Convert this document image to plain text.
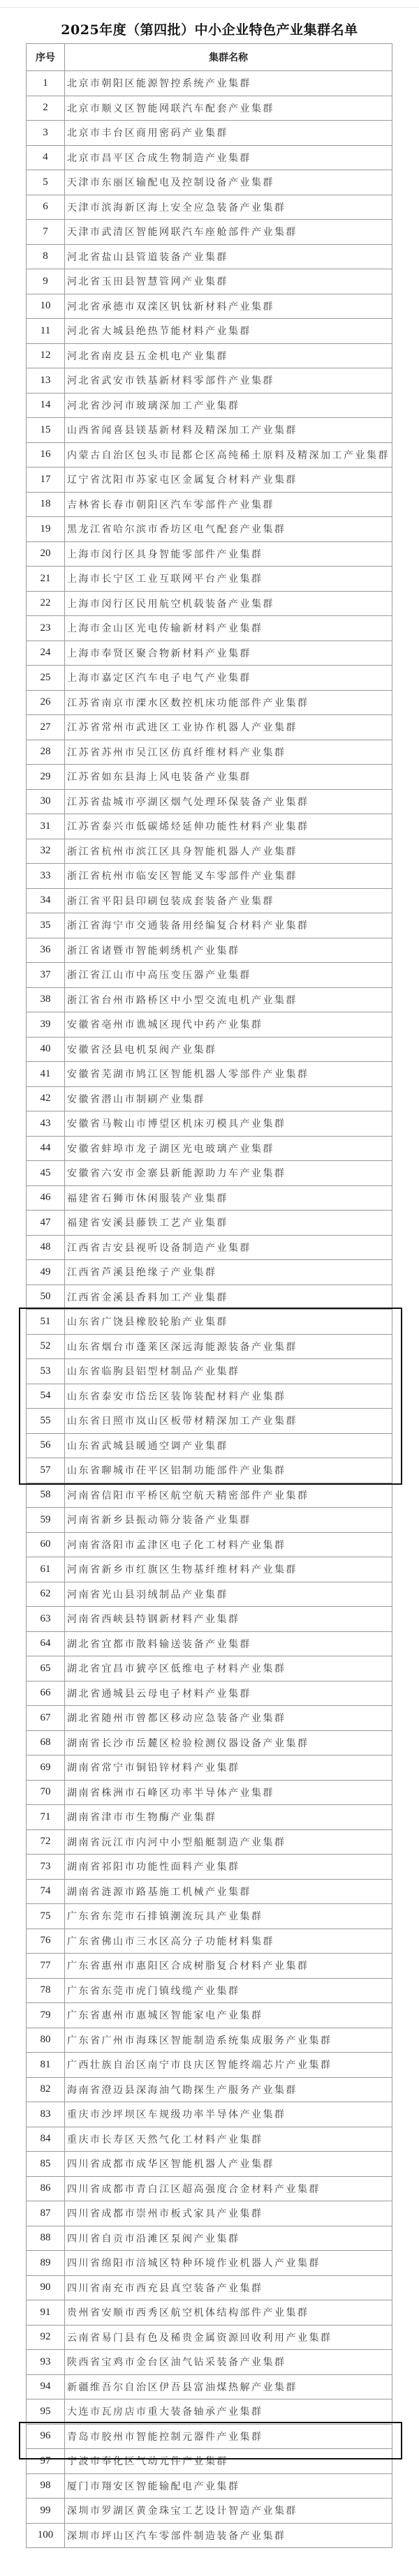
2025年度（第四批）中小企业特色产业集群名单
序号	集群名称
1	北京市朝阳区能源智控系统产业集群
2	北京市顺义区智能网联汽车配套产业集群
3	北京市丰台区商用密码产业集群
4	北京市昌平区合成生物制造产业集群
5	天津市东丽区输配电及控制设备产业集群
6	天津市滨海新区海上安全应急装备产业集群
7	天津市武清区智能网联汽车座舱部件产业集群
8	河北省盐山县管道装备产业集群
9	河北省玉田县智慧管网产业集群
10	河北省承德市双滦区钒钛新材料产业集群
11	河北省大城县绝热节能材料产业集群
12	河北省南皮县五金机电产业集群
13	河北省武安市铁基新材料零部件产业集群
14	河北省沙河市玻璃深加工产业集群
15	山西省闻喜县镁基新材料及精深加工产业集群
16	内蒙古自治区包头市昆都仑区高纯稀土原料及精深加工产业集群
17	辽宁省沈阳市苏家屯区金属复合材料产业集群
18	吉林省长春市朝阳区汽车零部件产业集群
19	黑龙江省哈尔滨市香坊区电气配套产业集群
20	上海市闵行区具身智能零部件产业集群
21	上海市长宁区工业互联网平台产业集群
22	上海市闵行区民用航空机载装备产业集群
23	上海市金山区光电传输新材料产业集群
24	上海市奉贤区聚合物新材料产业集群
25	上海市嘉定区汽车电子电气产业集群
26	江苏省南京市溧水区数控机床功能部件产业集群
27	江苏省常州市武进区工业协作机器人产业集群
28	江苏省苏州市吴江区仿真纤维材料产业集群
29	江苏省如东县海上风电装备产业集群
30	江苏省盐城市亭湖区烟气处理环保装备产业集群
31	江苏省泰兴市低碳烯烃延伸功能性材料产业集群
32	浙江省杭州市滨江区具身智能机器人产业集群
33	浙江省杭州市临安区智能叉车零部件产业集群
34	浙江省平阳县印刷包装成套装备产业集群
35	浙江省海宁市交通装备用经编复合材料产业集群
36	浙江省诸暨市智能刺绣机产业集群
37	浙江省江山市中高压变压器产业集群
38	浙江省台州市路桥区中小型交流电机产业集群
39	安徽省亳州市谯城区现代中药产业集群
40	安徽省泾县电机泵阀产业集群
41	安徽省芜湖市鸠江区智能机器人零部件产业集群
42	安徽省潜山市制刷产业集群
43	安徽省马鞍山市博望区机床刃模具产业集群
44	安徽省蚌埠市龙子湖区光电玻璃产业集群
45	安徽省六安市金寨县新能源助力车产业集群
46	福建省石狮市休闲服装产业集群
47	福建省安溪县藤铁工艺产业集群
48	江西省吉安县视听设备制造产业集群
49	江西省芦溪县绝缘子产业集群
50	江西省金溪县香料加工产业集群
51	山东省广饶县橡胶轮胎产业集群
52	山东省烟台市蓬莱区深远海能源装备产业集群
53	山东省临朐县铝型材制品产业集群
54	山东省泰安市岱岳区装饰装配材料产业集群
55	山东省日照市岚山区板带材精深加工产业集群
56	山东省武城县暖通空调产业集群
57	山东省聊城市茌平区铝制功能部件产业集群
58	河南省信阳市平桥区航空航天精密部件产业集群
59	河南省新乡县振动筛分装备产业集群
60	河南省洛阳市孟津区电子化工材料产业集群
61	河南省新乡市红旗区生物基纤维材料产业集群
62	河南省光山县羽绒制品产业集群
63	河南省西峡县特钢新材料产业集群
64	湖北省宜都市散料输送装备产业集群
65	湖北省宜昌市猇亭区低维电子材料产业集群
66	湖北省通城县云母电子材料产业集群
67	湖北省随州市曾都区移动应急装备产业集群
68	湖南省长沙市岳麓区检验检测仪器设备产业集群
69	湖南省常宁市铜铅锌材料产业集群
70	湖南省株洲市石峰区功率半导体产业集群
71	湖南省津市市生物酶产业集群
72	湖南省沅江市内河中小型船艇制造产业集群
73	湖南省祁阳市功能性面料产业集群
74	湖南省涟源市路基施工机械产业集群
75	广东省东莞市石排镇潮流玩具产业集群
76	广东省佛山市三水区高分子功能材料集群
77	广东省惠州市惠阳区合成树脂复合材料产业集群
78	广东省东莞市虎门镇线缆产业集群
79	广东省惠州市惠城区智能家电产业集群
80	广东省广州市海珠区智能制造系统集成服务产业集群
81	广西壮族自治区南宁市良庆区智能终端芯片产业集群
82	海南省澄迈县深海油气勘探生产服务产业集群
83	重庆市沙坪坝区车规级功率半导体产业集群
84	重庆市长寿区天然气化工材料产业集群
85	四川省成都市成华区智能机器人产业集群
86	四川省成都市青白江区超高强度合金材料产业集群
87	四川省成都市崇州市板式家具产业集群
88	四川省自贡市沿滩区泵阀产业集群
89	四川省绵阳市涪城区特种环境作业机器人产业集群
90	四川省南充市西充县真空装备产业集群
91	贵州省安顺市西秀区航空机体结构部件产业集群
92	云南省易门县有色及稀贵金属资源回收利用产业集群
93	陕西省宝鸡市金台区油气钻采装备产业集群
94	新疆维吾尔自治区伊吾县富油煤热解产业集群
95	大连市瓦房店市重大装备轴承产业集群
96	青岛市胶州市智能控制元器件产业集群
97	宁波市奉化区气动元件产业集群
98	厦门市翔安区智能输配电产业集群
99	深圳市罗湖区黄金珠宝工艺设计智造产业集群
100	深圳市坪山区汽车零部件制造装备产业集群
